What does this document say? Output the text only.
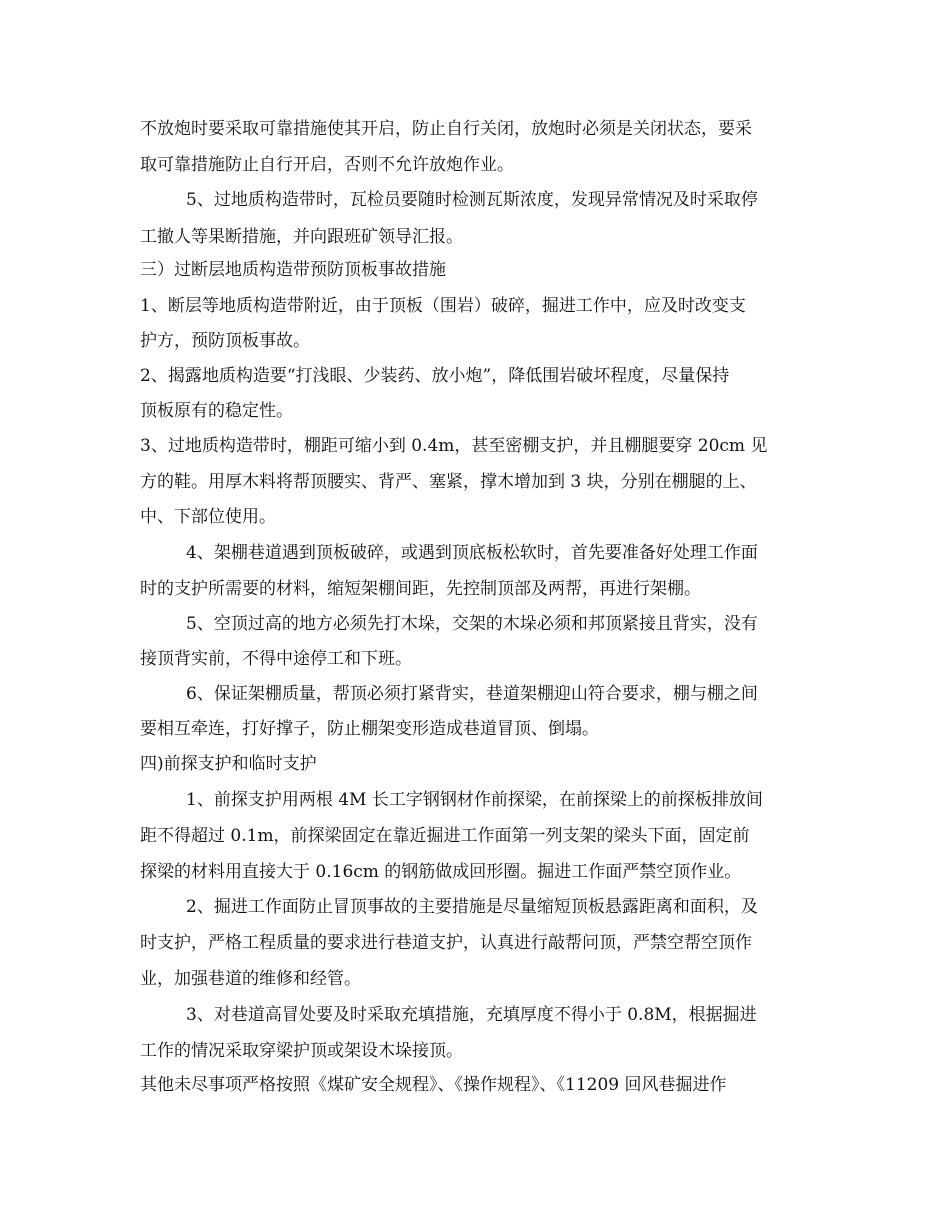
不放炮时要采取可靠措施使其开启，防止自行关闭，放炮时必须是关闭状态，要采
取可靠措施防止自行开启，否则不允许放炮作业。
5、过地质构造带时，瓦检员要随时检测瓦斯浓度，发现异常情况及时采取停
工撤人等果断措施，并向跟班矿领导汇报。
三）过断层地质构造带预防顶板事故措施
1、断层等地质构造带附近，由于顶板（围岩）破碎，掘进工作中，应及时改变支
护方，预防顶板事故。
2、揭露地质构造要“打浅眼、少装药、放小炮”，降低围岩破坏程度，尽量保持
顶板原有的稳定性。
3、过地质构造带时，棚距可缩小到 0.4m，甚至密棚支护，并且棚腿要穿 20cm 见
方的鞋。用厚木料将帮顶腰实、背严、塞紧，撑木增加到 3 块，分别在棚腿的上、
中、下部位使用。
4、架棚巷道遇到顶板破碎，或遇到顶底板松软时，首先要准备好处理工作面
时的支护所需要的材料，缩短架棚间距，先控制顶部及两帮，再进行架棚。
5、空顶过高的地方必须先打木垛，交架的木垛必须和邦顶紧接且背实，没有
接顶背实前，不得中途停工和下班。
6、保证架棚质量，帮顶必须打紧背实，巷道架棚迎山符合要求，棚与棚之间
要相互牵连，打好撑子，防止棚架变形造成巷道冒顶、倒塌。
四)前探支护和临时支护
1、前探支护用两根 4M 长工字钢钢材作前探梁，在前探梁上的前探板排放间
距不得超过 0.1m，前探梁固定在靠近掘进工作面第一列支架的梁头下面，固定前
探梁的材料用直接大于 0.16cm 的钢筋做成回形圈。掘进工作面严禁空顶作业。
2、掘进工作面防止冒顶事故的主要措施是尽量缩短顶板悬露距离和面积，及
时支护，严格工程质量的要求进行巷道支护，认真进行敲帮问顶，严禁空帮空顶作
业，加强巷道的维修和经管。
3、对巷道高冒处要及时采取充填措施，充填厚度不得小于 0.8M，根据掘进
工作的情况采取穿梁护顶或架设木垛接顶。
其他未尽事项严格按照《煤矿安全规程》、《操作规程》、《11209 回风巷掘进作
